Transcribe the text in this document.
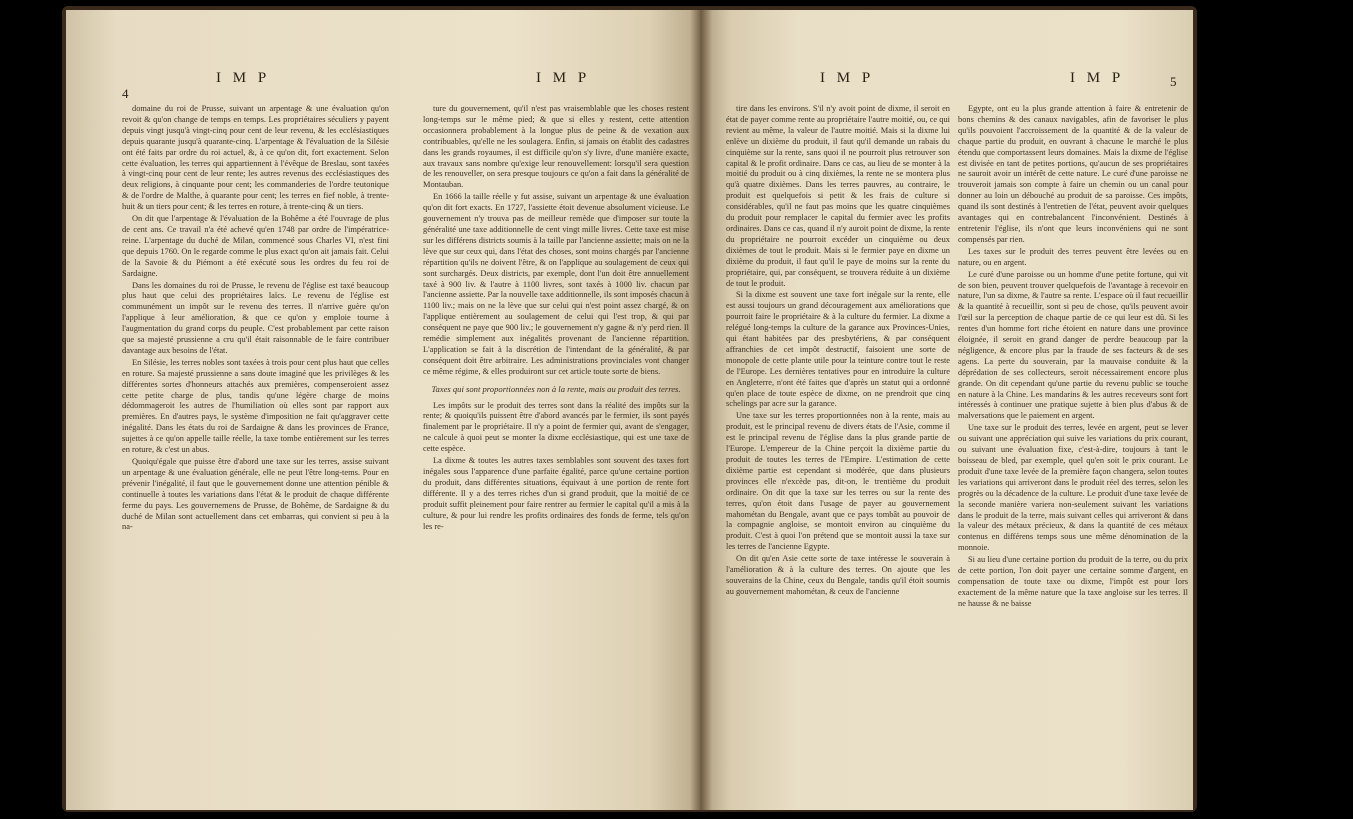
4
I M P	I M P

domaine du roi de Prusse, suivant un arpentage & une évaluation qu'on revoit & qu'on change de temps en temps. Les propriétaires séculiers y payent depuis vingt jusqu'à vingt-cinq pour cent de leur revenu, & les ecclésiastiques depuis quarante jusqu'à quarante-cinq. L'arpentage & l'évaluation de la Silésie ont été faits par ordre du roi actuel, &, à ce qu'on dit, fort exactement. Selon cette évaluation, les terres qui appartiennent à l'évêque de Breslau, sont taxées à vingt-cinq pour cent de leur rente; les autres revenus des ecclésiastiques des deux religions, à cinquante pour cent; les commanderies de l'ordre teutonique & de l'ordre de Malthe, à quarante pour cent; les terres en fief noble, à trente-huit & un tiers pour cent; & les terres en roture, à trente-cinq & un tiers.

On dit que l'arpentage & l'évaluation de la Bohême a été l'ouvrage de plus de cent ans. Ce travail n'a été achevé qu'en 1748 par ordre de l'impératrice-reine. L'arpentage du duché de Milan, commencé sous Charles VI, n'est fini que depuis 1760. On le regarde comme le plus exact qu'on ait jamais fait. Celui de la Savoie & du Piémont a été exécuté sous les ordres du feu roi de Sardaigne.

Dans les domaines du roi de Prusse, le revenu de l'église est taxé beaucoup plus haut que celui des propriétaires laïcs. Le revenu de l'église est communément un impôt sur le revenu des terres. Il n'arrive guère qu'on l'applique à leur amélioration, & que ce qu'on y emploie tourne à l'augmentation du grand corps du peuple. C'est probablement par cette raison que sa majesté prussienne a cru qu'il était raisonnable de le faire contribuer davantage aux besoins de l'état.

En Silésie, les terres nobles sont taxées à trois pour cent plus haut que celles en roture. Sa majesté prussienne a sans doute imaginé que les privilèges & les différentes sortes d'honneurs attachés aux premières, compenseroient assez cette petite charge de plus, tandis qu'une légère charge de moins dédommageroit les autres de l'humiliation où elles sont par rapport aux premières. En d'autres pays, le système d'imposition ne fait qu'aggraver cette inégalité. Dans les états du roi de Sardaigne & dans les provinces de France, sujettes à ce qu'on appelle taille réelle, la taxe tombe entièrement sur les terres en roture, & c'est un abus.

Quoiqu'égale que puisse être d'abord une taxe sur les terres, assise suivant un arpentage & une évaluation générale, elle ne peut l'être long-tems. Pour en prévenir l'inégalité, il faut que le gouvernement donne une attention pénible & continuelle à toutes les variations dans l'état & le produit de chaque différente ferme du pays. Les gouvernemens de Prusse, de Bohême, de Sardaigne & du duché de Milan sont actuellement dans cet embarras, qui convient si peu à la na-

ture du gouvernement, qu'il n'est pas vraisemblable que les choses restent long-temps sur le même pied; & que si elles y restent, cette attention occasionnera probablement à la longue plus de peine & de vexation aux contribuables, qu'elle ne les soulagera. Enfin, si jamais on établit des cadastres dans les grands royaumes, il est difficile qu'on s'y livre, d'une manière exacte, aux travaux sans nombre qu'exige leur renouvellement: lorsqu'il sera question de les renouveller, on sera presque toujours ce qu'on a fait dans la généralité de Montauban.

En 1666 la taille réelle y fut assise, suivant un arpentage & une évaluation qu'on dit fort exacts. En 1727, l'assiette étoit devenue absolument vicieuse. Le gouvernement n'y trouva pas de meilleur remède que d'imposer sur toute la généralité une taxe additionnelle de cent vingt mille livres. Cette taxe est mise sur les différens districts soumis à la taille par l'ancienne assiette; mais on ne la lève que sur ceux qui, dans l'état des choses, sont moins chargés par l'ancienne répartition qu'ils ne doivent l'être, & on l'applique au soulagement de ceux qui sont surchargés. Deux districts, par exemple, dont l'un doit être annuellement taxé à 900 liv. & l'autre à 1100 livres, sont taxés à 1000 liv. chacun par l'ancienne assiette. Par la nouvelle taxe additionnelle, ils sont imposés chacun à 1100 liv.; mais on ne la lève que sur celui qui n'est point assez chargé, & on l'applique entièrement au soulagement de celui qui l'est trop, & qui par conséquent ne paye que 900 liv.; le gouvernement n'y gagne & n'y perd rien. Il remédie simplement aux inégalités provenant de l'ancienne répartition. L'application se fait à la discrétion de l'intendant de la généralité, & par conséquent doit être arbitraire. Les administrations provinciales vont changer ce même régime, & elles produiront sur cet article toute sorte de biens.

Taxes qui sont proportionnées non à la rente, mais au produit des terres.

Les impôts sur le produit des terres sont dans la réalité des impôts sur la rente; & quoiqu'ils puissent être d'abord avancés par le fermier, ils sont payés finalement par le propriétaire. Il n'y a point de fermier qui, avant de s'engager, ne calcule à quoi peut se monter la dixme ecclésiastique, qui est une taxe de cette espèce.

La dixme & toutes les autres taxes semblables sont souvent des taxes fort inégales sous l'apparence d'une parfaite égalité, parce qu'une certaine portion du produit, dans différentes situations, équivaut à une portion de rente fort différente. Il y a des terres riches d'un si grand produit, que la moitié de ce produit suffit pleinement pour faire rentrer au fermier le capital qu'il a mis à la culture, & pour lui rendre les profits ordinaires des fonds de ferme, tels qu'on les re-

5
I M P	I M P

tire dans les environs. S'il n'y avoit point de dixme, il seroit en état de payer comme rente au propriétaire l'autre moitié, ou, ce qui revient au même, la valeur de l'autre moitié. Mais si la dixme lui enlève un dixième du produit, il faut qu'il demande un rabais du cinquième sur la rente, sans quoi il ne pourroit plus retrouver son capital & le profit ordinaire. Dans ce cas, au lieu de se monter à la moitié du produit ou à cinq dixièmes, la rente ne se montera plus qu'à quatre dixièmes. Dans les terres pauvres, au contraire, le produit est quelquefois si petit & les frais de culture si considérables, qu'il ne faut pas moins que les quatre cinquièmes du produit pour remplacer le capital du fermier avec les profits ordinaires. Dans ce cas, quand il n'y auroit point de dixme, la rente du propriétaire ne pourroit excéder un cinquième ou deux dixièmes de tout le produit. Mais si le fermier paye en dixme un dixième du produit, il faut qu'il le paye de moins sur la rente du propriétaire, qui, par conséquent, se trouvera réduite à un dixième de tout le produit.

Si la dixme est souvent une taxe fort inégale sur la rente, elle est aussi toujours un grand découragement aux améliorations que pourroit faire le propriétaire & à la culture du fermier. La dixme a relégué long-temps la culture de la garance aux Provinces-Unies, qui étant habitées par des presbytériens, & par conséquent affranchies de cet impôt destructif, faisoient une sorte de monopole de cette plante utile pour la teinture contre tout le reste de l'Europe. Les dernières tentatives pour en introduire la culture en Angleterre, n'ont été faites que d'après un statut qui a ordonné qu'en place de toute espèce de dixme, on ne prendroit que cinq schelings par acre sur la garance.

Une taxe sur les terres proportionnées non à la rente, mais au produit, est le principal revenu de divers états de l'Asie, comme il est le principal revenu de l'église dans la plus grande partie de l'Europe. L'empereur de la Chine perçoit la dixième partie du produit de toutes les terres de l'Empire. L'estimation de cette dixième partie est cependant si modérée, que dans plusieurs provinces elle n'excède pas, dit-on, le trentième du produit ordinaire. On dit que la taxe sur les terres ou sur la rente des terres, qu'on étoit dans l'usage de payer au gouvernement mahométan du Bengale, avant que ce pays tombât au pouvoir de la compagnie angloise, se montoit environ au cinquième du produit. C'est à quoi l'on prétend que se montoit aussi la taxe sur les terres de l'ancienne Egypte.

On dit qu'en Asie cette sorte de taxe intéresse le souverain à l'amélioration & à la culture des terres. On ajoute que les souverains de la Chine, ceux du Bengale, tandis qu'il étoit soumis au gouvernement mahométan, & ceux de l'ancienne

Egypte, ont eu la plus grande attention à faire & entretenir de bons chemins & des canaux navigables, afin de favoriser le plus qu'ils pouvoient l'accroissement de la quantité & de la valeur de chaque partie du produit, en ouvrant à chacune le marché le plus étendu que comportassent leurs domaines. Mais la dixme de l'église est divisée en tant de petites portions, qu'aucun de ses propriétaires ne sauroit avoir un intérêt de cette nature. Le curé d'une paroisse ne trouveroit jamais son compte à faire un chemin ou un canal pour donner au loin un débouché au produit de sa paroisse. Ces impôts, quand ils sont destinés à l'entretien de l'état, peuvent avoir quelques avantages qui en contrebalancent l'inconvénient. Destinés à entretenir l'église, ils n'ont que leurs inconvéniens qui ne sont compensés par rien.

Les taxes sur le produit des terres peuvent être levées ou en nature, ou en argent.

Le curé d'une paroisse ou un homme d'une petite fortune, qui vit de son bien, peuvent trouver quelquefois de l'avantage à recevoir en nature, l'un sa dixme, & l'autre sa rente. L'espace où il faut recueillir & la quantité à recueillir, sont si peu de chose, qu'ils peuvent avoir l'œil sur la perception de chaque partie de ce qui leur est dû. Si les rentes d'un homme fort riche étoient en nature dans une province éloignée, il seroit en grand danger de perdre beaucoup par la négligence, & encore plus par la fraude de ses facteurs & de ses agens. La perte du souverain, par la mauvaise conduite & la déprédation de ses collecteurs, seroit nécessairement encore plus grande. On dit cependant qu'une partie du revenu public se touche en nature à la Chine. Les mandarins & les autres receveurs sont fort intéressés à continuer une pratique sujette à bien plus d'abus & de malversations que le paiement en argent.

Une taxe sur le produit des terres, levée en argent, peut se lever ou suivant une appréciation qui suive les variations du prix courant, ou suivant une évaluation fixe, c'est-à-dire, toujours à tant le boisseau de bled, par exemple, quel qu'en soit le prix courant. Le produit d'une taxe levée de la première façon changera, selon toutes les variations qui arriveront dans le produit réel des terres, selon les progrès ou la décadence de la culture. Le produit d'une taxe levée de la seconde manière variera non-seulement suivant les variations dans le produit de la terre, mais suivant celles qui arriveront & dans la valeur des métaux précieux, & dans la quantité de ces métaux contenus en différens temps sous une même dénomination de la monnoie.

Si au lieu d'une certaine portion du produit de la terre, ou du prix de cette portion, l'on doit payer une certaine somme d'argent, en compensation de toute taxe ou dixme, l'impôt est pour lors exactement de la même nature que la taxe angloise sur les terres. Il ne hausse & ne baisse
